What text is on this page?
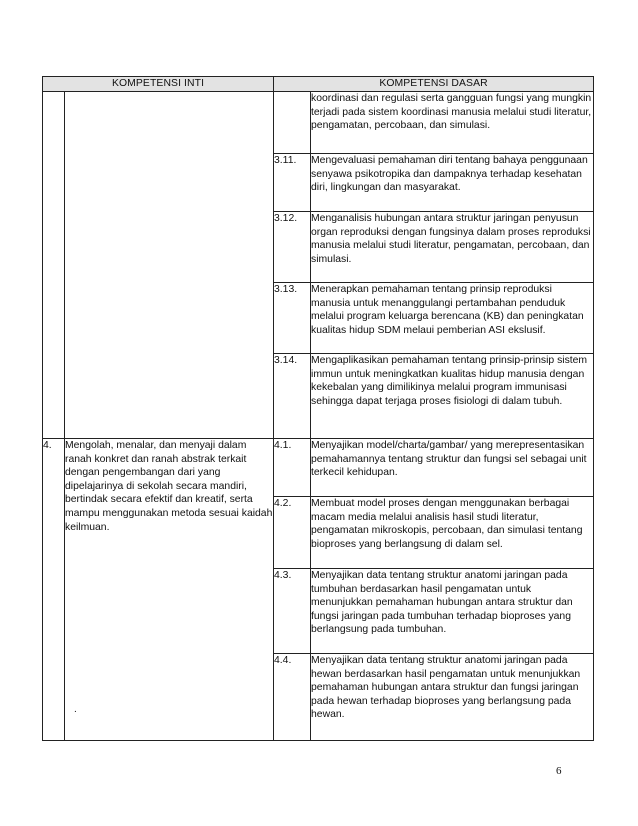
KOMPETENSI INTI		KOMPETENSI DASAR	
			koordinasi dan regulasi serta gangguan fungsi yang mungkin terjadi pada sistem koordinasi manusia melalui studi literatur, pengamatan, percobaan, dan simulasi.
		3.11.	Mengevaluasi pemahaman diri tentang bahaya penggunaan senyawa psikotropika dan dampaknya terhadap kesehatan diri, lingkungan dan masyarakat.
		3.12.	Menganalisis hubungan antara struktur jaringan penyusun organ reproduksi dengan fungsinya dalam proses reproduksi manusia melalui studi literatur, pengamatan, percobaan, dan simulasi.
		3.13.	Menerapkan pemahaman tentang prinsip reproduksi manusia untuk menanggulangi pertambahan penduduk melalui program keluarga berencana (KB) dan peningkatan kualitas hidup SDM melaui pemberian ASI ekslusif.
		3.14.	Mengaplikasikan pemahaman tentang prinsip-prinsip sistem immun untuk meningkatkan kualitas hidup manusia dengan kekebalan yang dimilikinya melalui program immunisasi sehingga dapat terjaga proses fisiologi di dalam tubuh.
4.	Mengolah, menalar, dan menyaji dalam ranah konkret dan ranah abstrak terkait dengan pengembangan dari yang dipelajarinya di sekolah secara mandiri, bertindak secara efektif dan kreatif, serta mampu menggunakan metoda sesuai kaidah keilmuan.	4.1.	Menyajikan model/charta/gambar/ yang merepresentasikan pemahamannya tentang struktur dan fungsi sel sebagai unit terkecil kehidupan.
		4.2.	Membuat model proses dengan menggunakan berbagai macam media melalui analisis hasil studi literatur, pengamatan mikroskopis, percobaan, dan simulasi tentang bioproses yang berlangsung di dalam sel.
		4.3.	Menyajikan data tentang struktur anatomi jaringan pada tumbuhan berdasarkan hasil pengamatan untuk menunjukkan pemahaman hubungan antara struktur dan fungsi jaringan pada tumbuhan terhadap bioproses yang berlangsung pada tumbuhan.
		4.4.	Menyajikan data tentang struktur anatomi jaringan pada hewan berdasarkan hasil pengamatan untuk menunjukkan pemahaman hubungan antara struktur dan fungsi jaringan pada hewan terhadap bioproses yang berlangsung pada hewan.
.
6
